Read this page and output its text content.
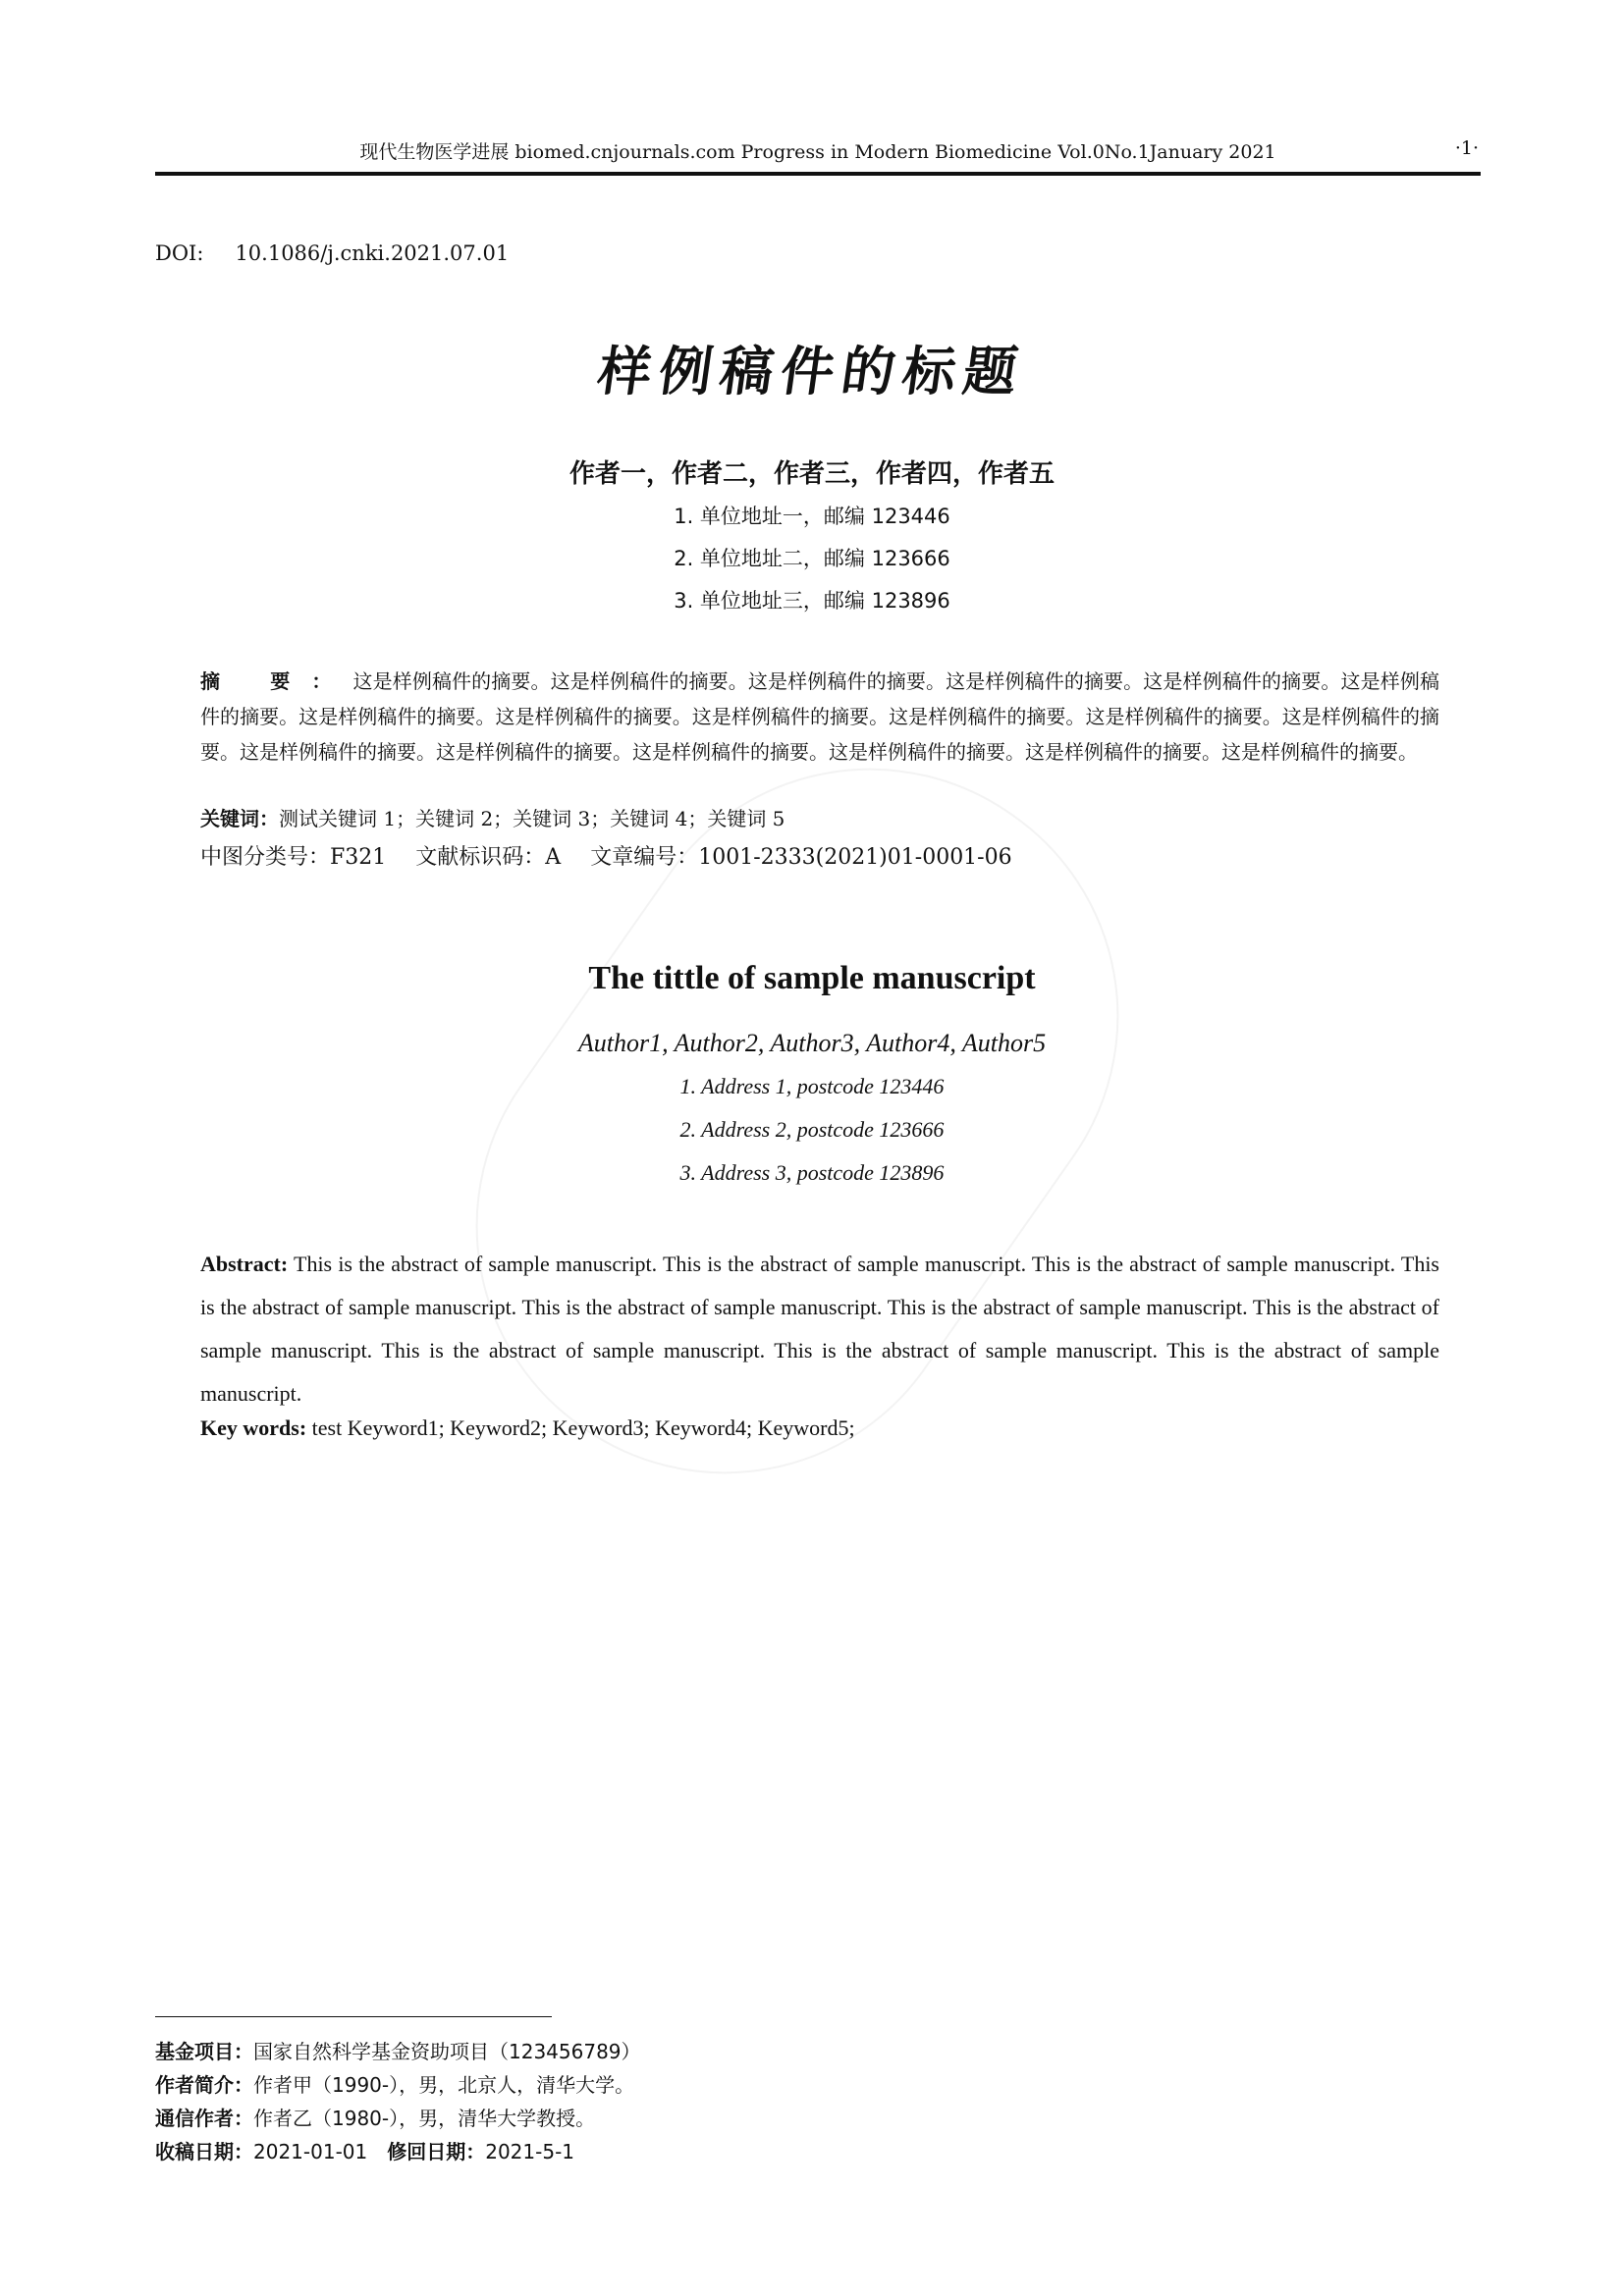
现代生物医学进展 biomed.cnjournals.com Progress in Modern Biomedicine Vol.0No.1January 2021	·1·
DOI: 10.1086/j.cnki.2021.07.01
样例稿件的标题
作者一，作者二，作者三，作者四，作者五
1. 单位地址一，邮编 123446
2. 单位地址二，邮编 123666
3. 单位地址三，邮编 123896
摘 要：这是样例稿件的摘要。这是样例稿件的摘要。这是样例稿件的摘要。这是样例稿件的摘要。这是样例稿件的摘要。这是样例稿件的摘要。这是样例稿件的摘要。这是样例稿件的摘要。这是样例稿件的摘要。这是样例稿件的摘要。这是样例稿件的摘要。这是样例稿件的摘要。这是样例稿件的摘要。这是样例稿件的摘要。这是样例稿件的摘要。这是样例稿件的摘要。这是样例稿件的摘要。这是样例稿件的摘要。
关键词：测试关键词 1；关键词 2；关键词 3；关键词 4；关键词 5
中图分类号：F321 文献标识码：A 文章编号：1001-2333(2021)01-0001-06
The tittle of sample manuscript
Author1, Author2, Author3, Author4, Author5
1. Address 1, postcode 123446
2. Address 2, postcode 123666
3. Address 3, postcode 123896
Abstract: This is the abstract of sample manuscript. This is the abstract of sample manuscript. This is the abstract of sample manuscript. This is the abstract of sample manuscript. This is the abstract of sample manuscript. This is the abstract of sample manuscript. This is the abstract of sample manuscript. This is the abstract of sample manuscript. This is the abstract of sample manuscript. This is the abstract of sample manuscript.
Key words: test Keyword1; Keyword2; Keyword3; Keyword4; Keyword5;
基金项目：国家自然科学基金资助项目（123456789）
作者简介：作者甲（1990-），男，北京人，清华大学。
通信作者：作者乙（1980-），男，清华大学教授。
收稿日期：2021-01-01 修回日期：2021-5-1
